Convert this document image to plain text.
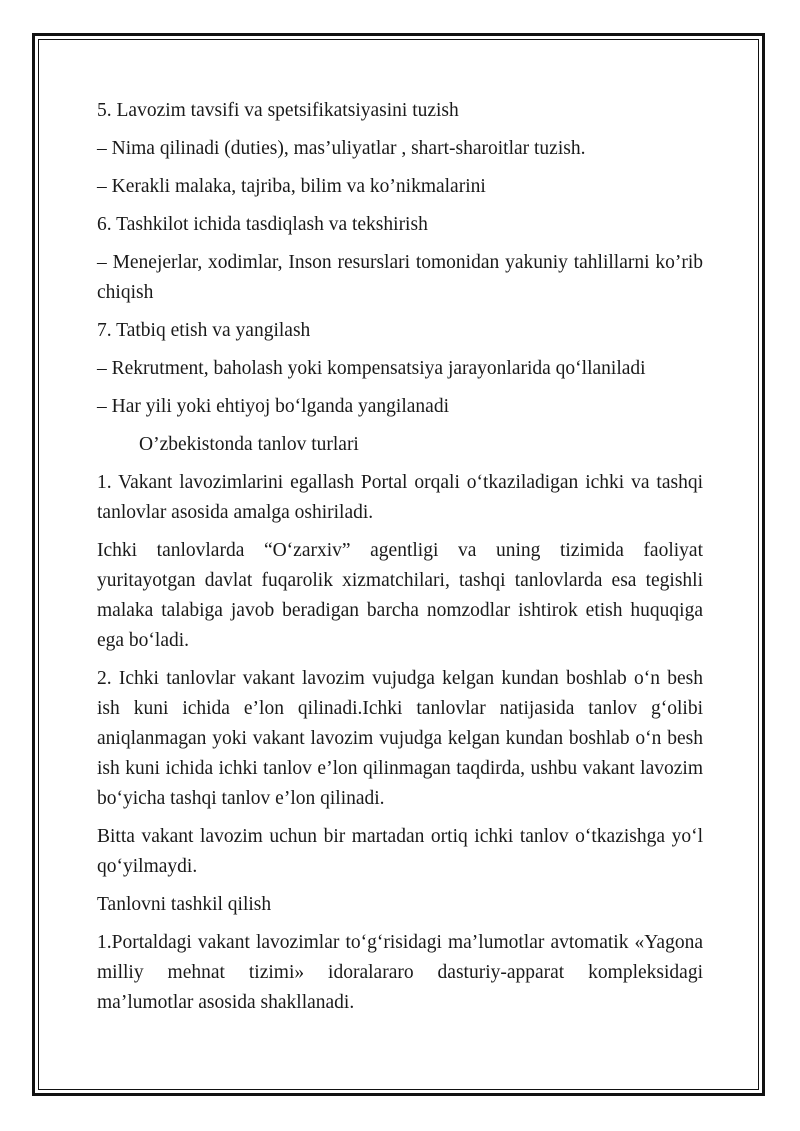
5. Lavozim tavsifi va spetsifikatsiyasini tuzish

– Nima qilinadi (duties), mas’uliyatlar , shart-sharoitlar tuzish.

– Kerakli malaka, tajriba, bilim va ko’nikmalarini

6. Tashkilot ichida tasdiqlash va tekshirish

– Menejerlar, xodimlar, Inson resurslari tomonidan yakuniy tahlillarni ko’rib chiqish

7. Tatbiq etish va yangilash

– Rekrutment, baholash yoki kompensatsiya jarayonlarida qo‘llaniladi

– Har yili yoki ehtiyoj bo‘lganda yangilanadi

O’zbekistonda tanlov turlari

1. Vakant lavozimlarini egallash Portal orqali o‘tkaziladigan ichki va tashqi tanlovlar asosida amalga oshiriladi.

Ichki tanlovlarda “O‘zarxiv” agentligi va uning tizimida faoliyat yuritayotgan davlat fuqarolik xizmatchilari, tashqi tanlovlarda esa tegishli malaka talabiga javob beradigan barcha nomzodlar ishtirok etish huquqiga ega bo‘ladi.

2. Ichki tanlovlar vakant lavozim vujudga kelgan kundan boshlab o‘n besh ish kuni ichida e’lon qilinadi.Ichki tanlovlar natijasida tanlov g‘olibi aniqlanmagan yoki vakant lavozim vujudga kelgan kundan boshlab o‘n besh ish kuni ichida ichki tanlov e’lon qilinmagan taqdirda, ushbu vakant lavozim bo‘yicha tashqi tanlov e’lon qilinadi.

Bitta vakant lavozim uchun bir martadan ortiq ichki tanlov o‘tkazishga yo‘l qo‘yilmaydi.

Tanlovni tashkil qilish

1.Portaldagi vakant lavozimlar to‘g‘risidagi ma’lumotlar avtomatik «Yagona milliy mehnat tizimi» idoralararo dasturiy-apparat kompleksidagi ma’lumotlar asosida shakllanadi.
